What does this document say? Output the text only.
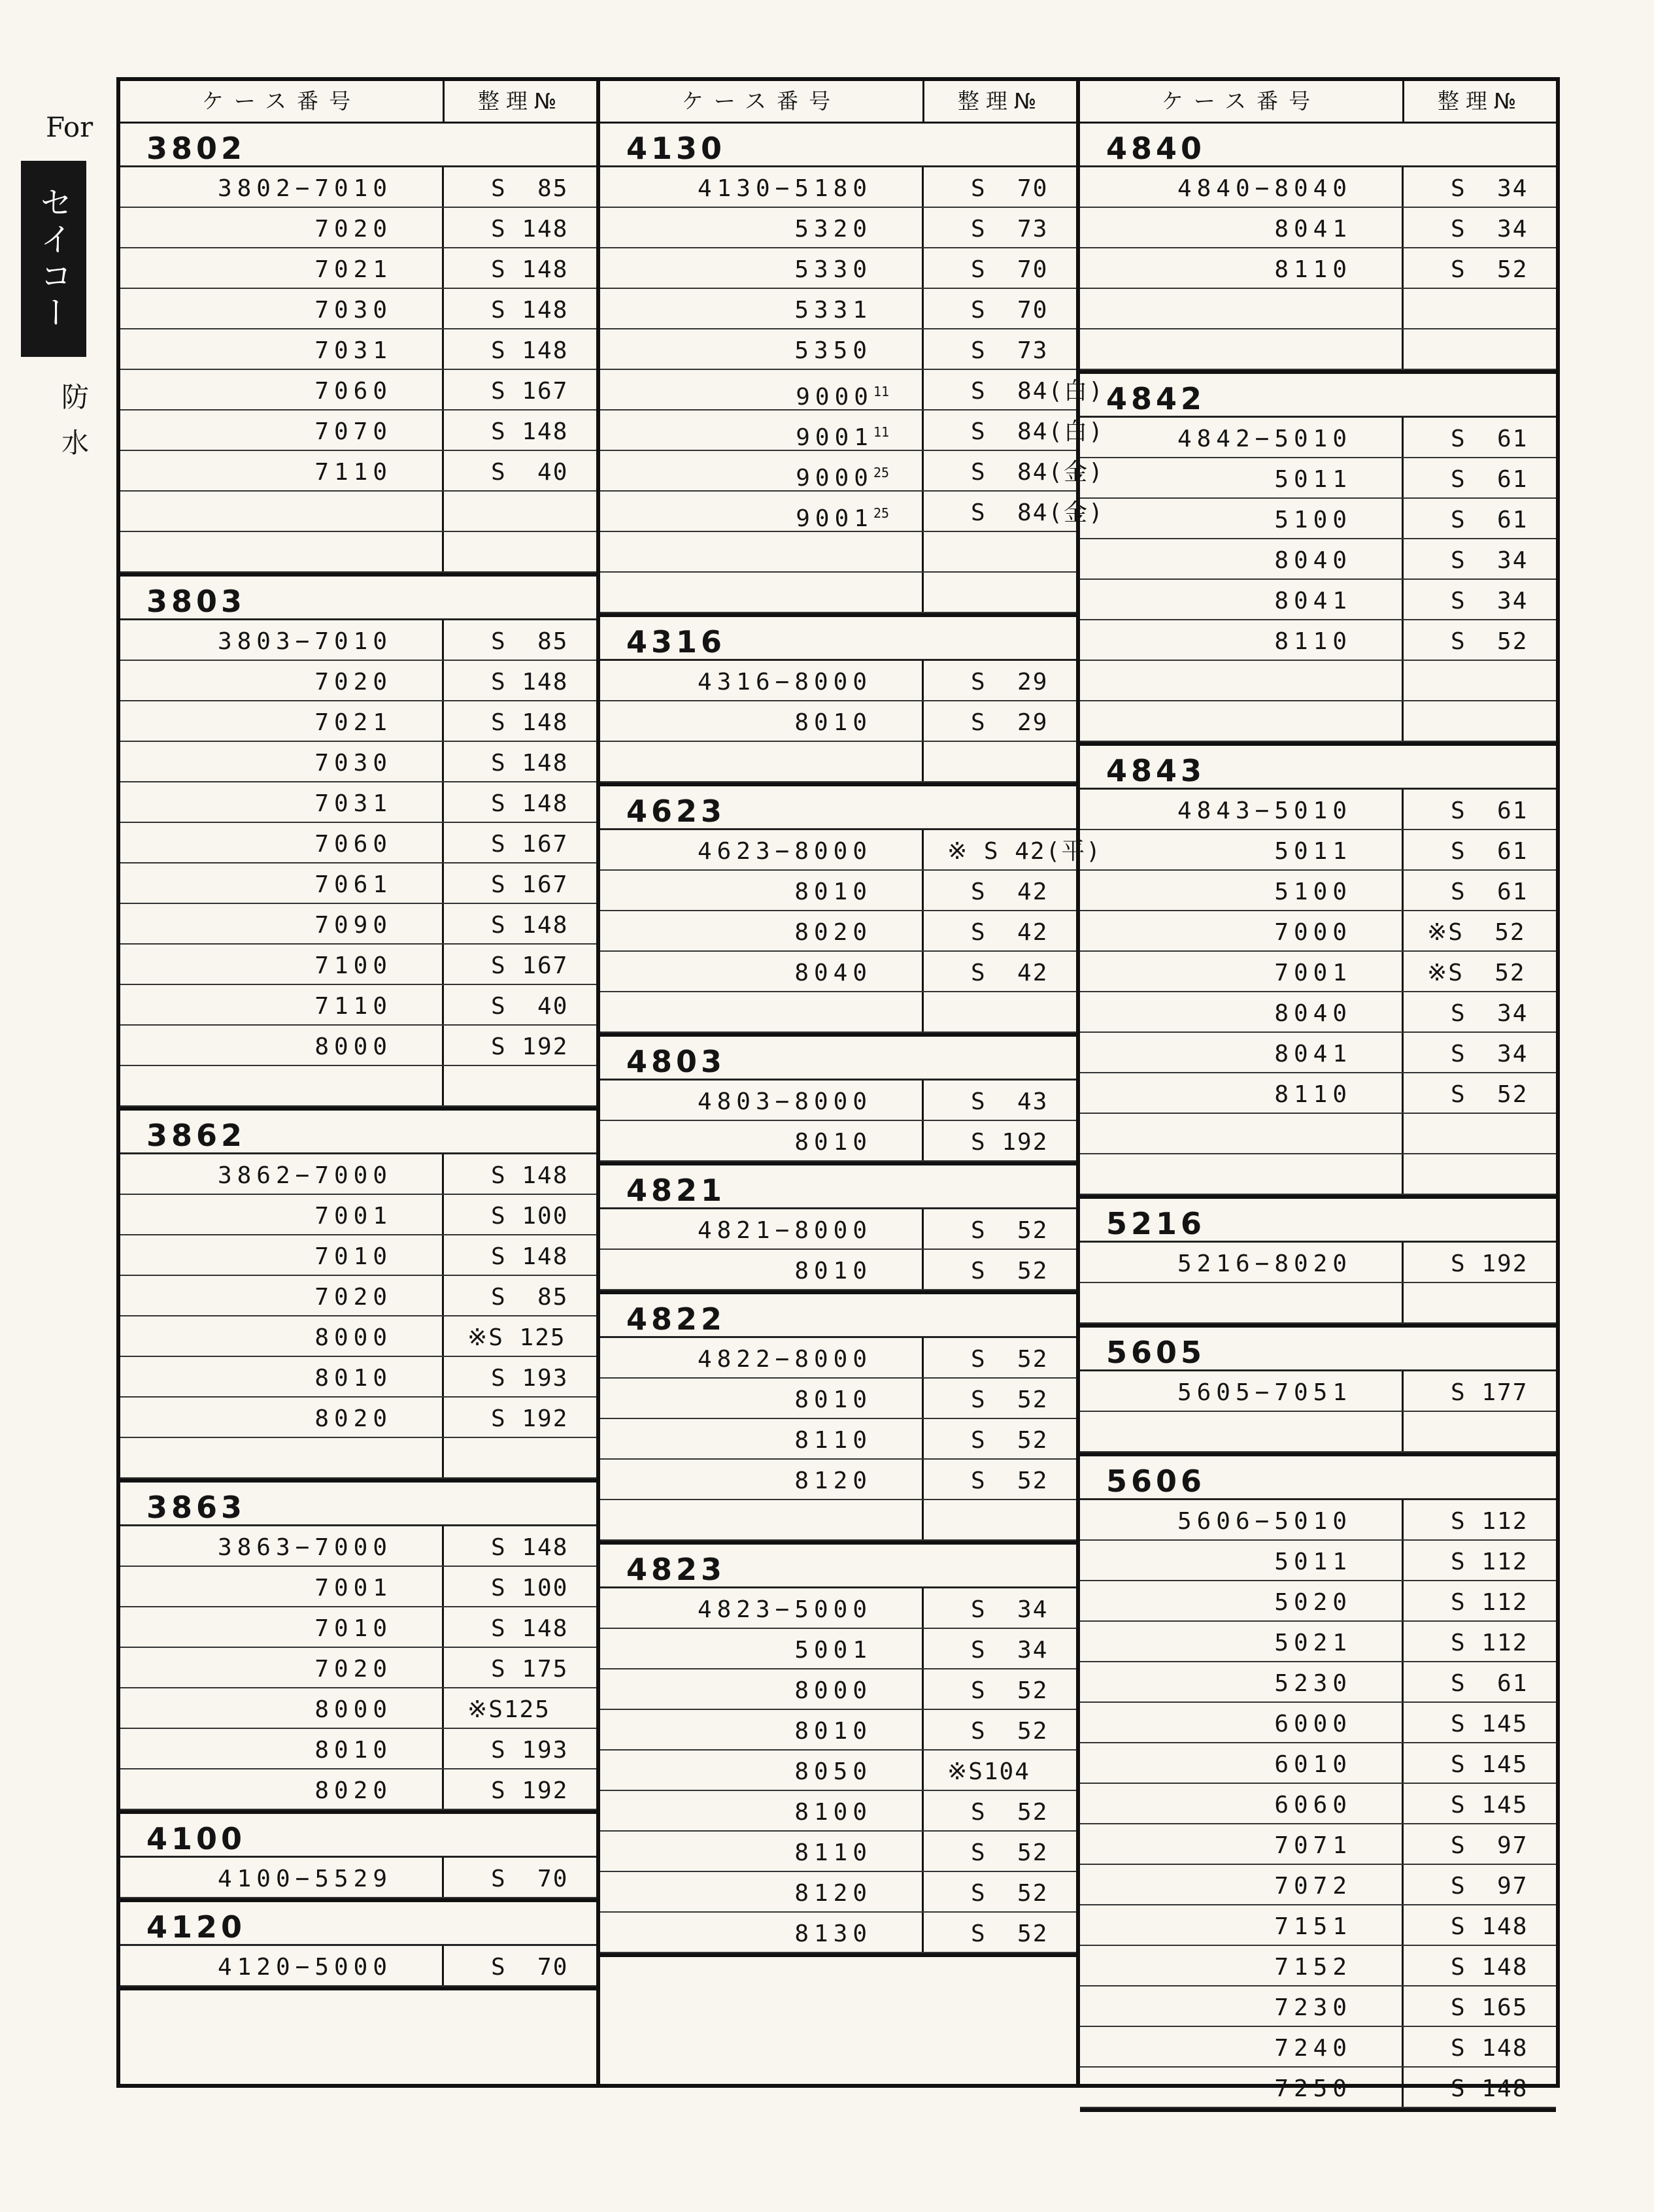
For
セイコー
防水
ケース番号	整理№
3802
3802−7010	S  85
7020	S 148
7021	S 148
7030	S 148
7031	S 148
7060	S 167
7070	S 148
7110	S  40
3803
3803−7010	S  85
7020	S 148
7021	S 148
7030	S 148
7031	S 148
7060	S 167
7061	S 167
7090	S 148
7100	S 167
7110	S  40
8000	S 192
3862
3862−7000	S 148
7001	S 100
7010	S 148
7020	S  85
8000	※S 125
8010	S 193
8020	S 192
3863
3863−7000	S 148
7001	S 100
7010	S 148
7020	S 175
8000	※S125
8010	S 193
8020	S 192
4100
4100−5529	S  70
4120
4120−5000	S  70
ケース番号	整理№
4130
4130−5180	S  70
5320	S  73
5330	S  70
5331	S  70
5350	S  73
9000$^{11}$	S  84(白)
9001$^{11}$	S  84(白)
9000$^{25}$	S  84(金)
9001$^{25}$	S  84(金)
4316
4316−8000	S  29
8010	S  29
4623
4623−8000	※ S 42(平)
8010	S  42
8020	S  42
8040	S  42
4803
4803−8000	S  43
8010	S 192
4821
4821−8000	S  52
8010	S  52
4822
4822−8000	S  52
8010	S  52
8110	S  52
8120	S  52
4823
4823−5000	S  34
5001	S  34
8000	S  52
8010	S  52
8050	※S104
8100	S  52
8110	S  52
8120	S  52
8130	S  52
ケース番号	整理№
4840
4840−8040	S  34
8041	S  34
8110	S  52
4842
4842−5010	S  61
5011	S  61
5100	S  61
8040	S  34
8041	S  34
8110	S  52
4843
4843−5010	S  61
5011	S  61
5100	S  61
7000	※S  52
7001	※S  52
8040	S  34
8041	S  34
8110	S  52
5216
5216−8020	S 192
5605
5605−7051	S 177
5606
5606−5010	S 112
5011	S 112
5020	S 112
5021	S 112
5230	S  61
6000	S 145
6010	S 145
6060	S 145
7071	S  97
7072	S  97
7151	S 148
7152	S 148
7230	S 165
7240	S 148
7250	S 148
